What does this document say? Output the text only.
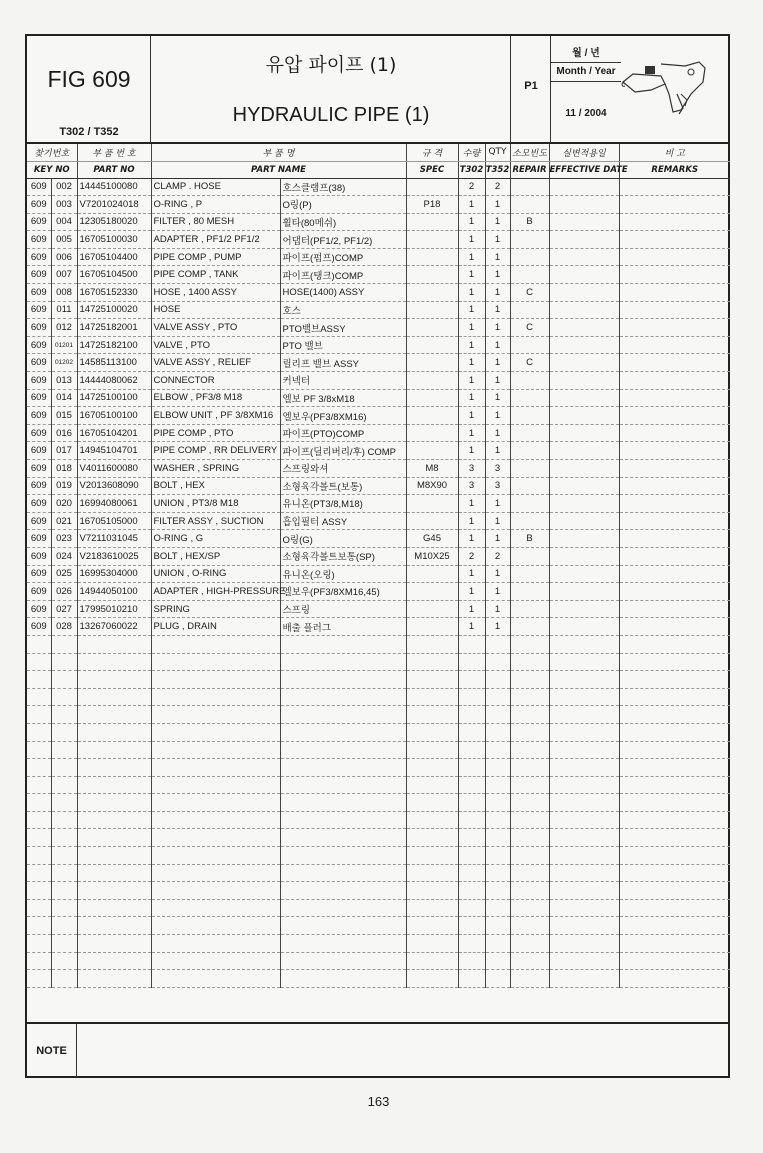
FIG 609
T302 / T352
유압 파이프 (1)
HYDRAULIC PIPE (1)
P1
월 / 년
Month / Year
11 / 2004
찾기번호		부 품 번 호	부 품 명		규 격	수량	QTY	소모빈도	실변적용일	비 고
KEY NO		PART NO	PART NAME		SPEC	T302	T352	REPAIR	EFFECTIVE DATE	REMARKS
609	002	14445100080	CLAMP . HOSE	호스클램프(38)		2	2			
609	003	V7201024018	O-RING , P	O링(P)	P18	1	1			
609	004	12305180020	FILTER , 80 MESH	휠타(80메쉬)		1	1	B		
609	005	16705100030	ADAPTER , PF1/2 PF1/2	어댑터(PF1/2, PF1/2)		1	1			
609	006	16705104400	PIPE COMP , PUMP	파이프(펌프)COMP		1	1			
609	007	16705104500	PIPE COMP , TANK	파이프(탱크)COMP		1	1			
609	008	16705152330	HOSE , 1400 ASSY	HOSE(1400) ASSY		1	1	C		
609	011	14725100020	HOSE	호스		1	1			
609	012	14725182001	VALVE ASSY , PTO	PTO밸브ASSY		1	1	C		
609	01201	14725182100	VALVE , PTO	PTO 밸브		1	1			
609	01202	14585113100	VALVE ASSY , RELIEF	릴리프 밸브 ASSY		1	1	C		
609	013	14444080062	CONNECTOR	커넥터		1	1			
609	014	14725100100	ELBOW , PF3/8 M18	엘보 PF 3/8xM18		1	1			
609	015	16705100100	ELBOW UNIT , PF 3/8XM16	엘보우(PF3/8XM16)		1	1			
609	016	16705104201	PIPE COMP , PTO	파이프(PTO)COMP		1	1			
609	017	14945104701	PIPE COMP , RR DELIVERY	파이프(딜리버리/후) COMP		1	1			
609	018	V4011600080	WASHER , SPRING	스프링와셔	M8	3	3			
609	019	V2013608090	BOLT , HEX	소형육각볼트(보통)	M8X90	3	3			
609	020	16994080061	UNION , PT3/8 M18	유니온(PT3/8,M18)		1	1			
609	021	16705105000	FILTER ASSY , SUCTION	흡입필터 ASSY		1	1			
609	023	V7211031045	O-RING , G	O링(G)	G45	1	1	B		
609	024	V2183610025	BOLT , HEX/SP	소형육각볼트보통(SP)	M10X25	2	2			
609	025	16995304000	UNION , O-RING	유니온(오링)		1	1			
609	026	14944050100	ADAPTER , HIGH-PRESSURE	엘보우(PF3/8XM16,45)		1	1			
609	027	17995010210	SPRING	스프링		1	1			
609	028	13267060022	PLUG , DRAIN	배출 플러그		1	1			

NOTE
163
